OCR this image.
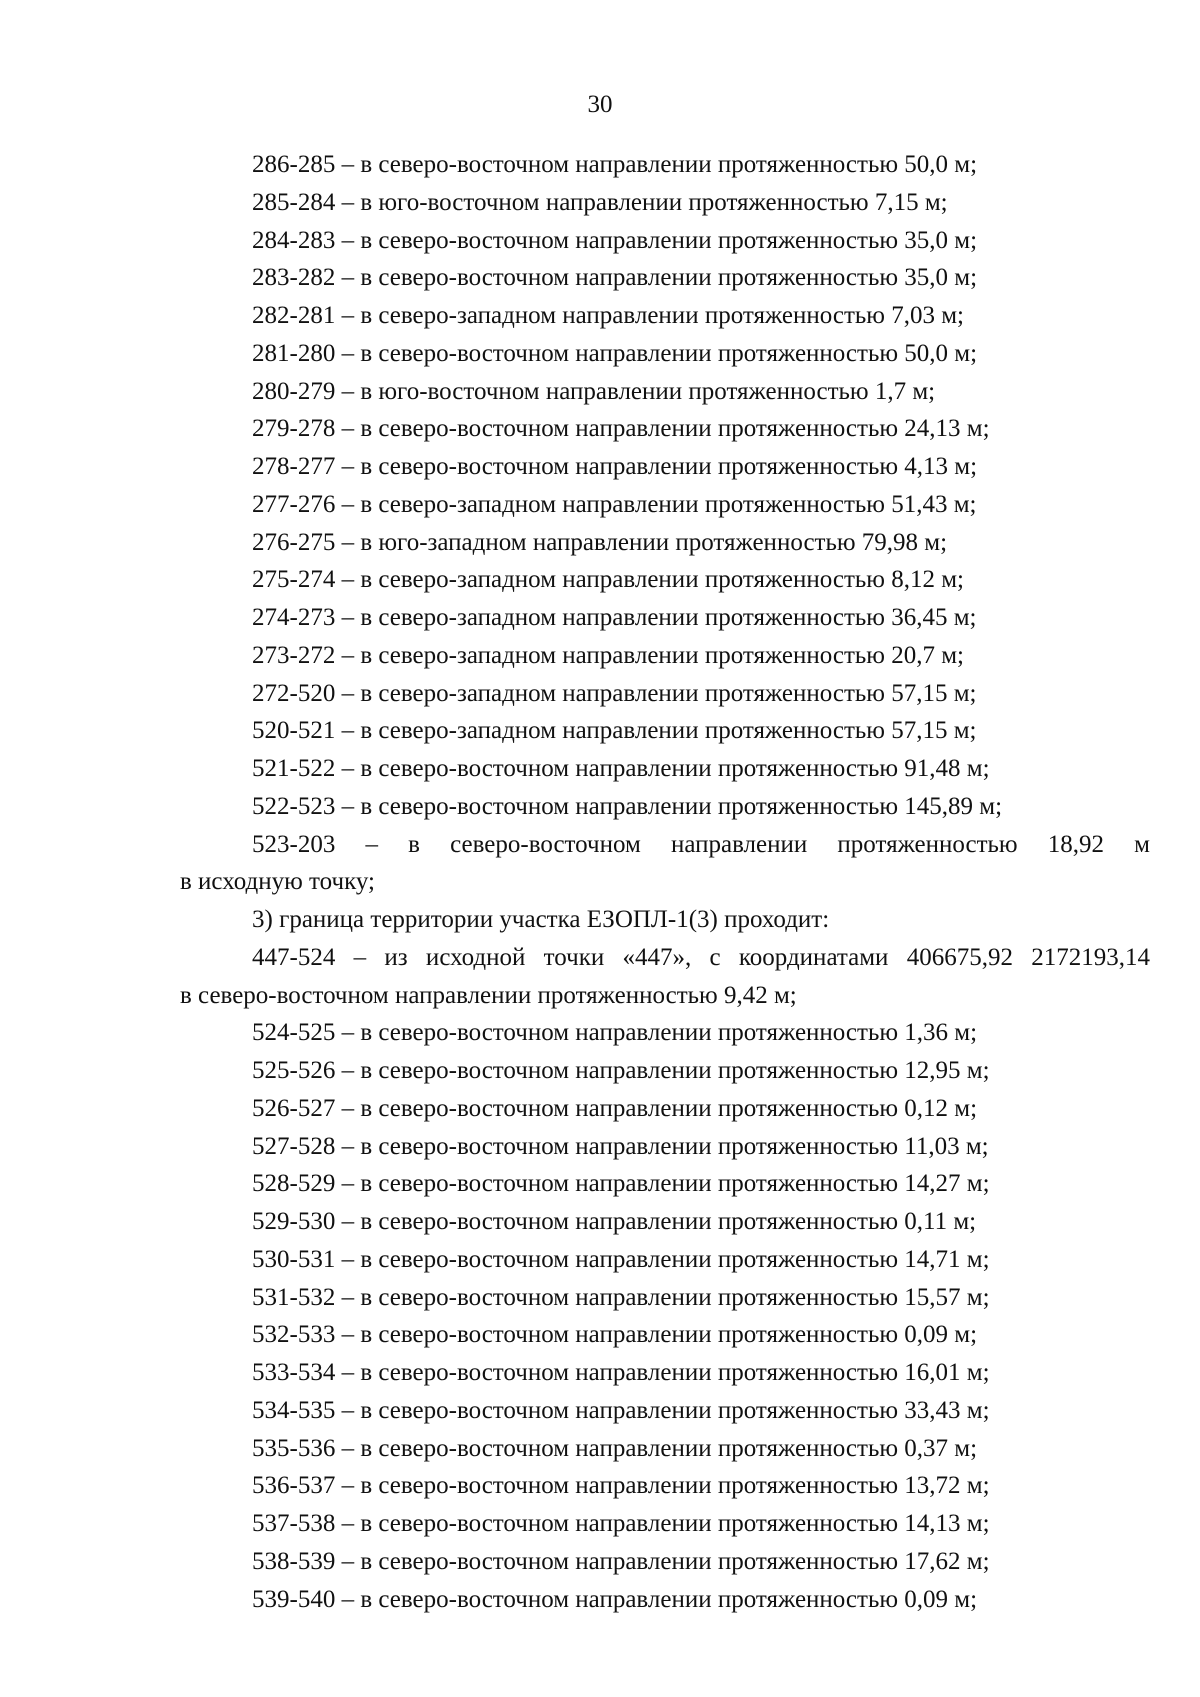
30
286-285 – в северо-восточном направлении протяженностью 50,0 м;
285-284 – в юго-восточном направлении протяженностью 7,15 м;
284-283 – в северо-восточном направлении протяженностью 35,0 м;
283-282 – в северо-восточном направлении протяженностью 35,0 м;
282-281 – в северо-западном направлении протяженностью 7,03 м;
281-280 – в северо-восточном направлении протяженностью 50,0 м;
280-279 – в юго-восточном направлении протяженностью 1,7 м;
279-278 – в северо-восточном направлении протяженностью 24,13 м;
278-277 – в северо-восточном направлении протяженностью 4,13 м;
277-276 – в северо-западном направлении протяженностью 51,43 м;
276-275 – в юго-западном направлении протяженностью 79,98 м;
275-274 – в северо-западном направлении протяженностью 8,12 м;
274-273 – в северо-западном направлении протяженностью 36,45 м;
273-272 – в северо-западном направлении протяженностью 20,7 м;
272-520 – в северо-западном направлении протяженностью 57,15 м;
520-521 – в северо-западном направлении протяженностью 57,15 м;
521-522 – в северо-восточном направлении протяженностью 91,48 м;
522-523 – в северо-восточном направлении протяженностью 145,89 м;
523-203 – в северо-восточном направлении протяженностью 18,92 м
в исходную точку;
3) граница территории участка ЕЗОПЛ-1(3) проходит:
447-524 – из исходной точки «447», с координатами 406675,92 2172193,14
в северо-восточном направлении протяженностью 9,42 м;
524-525 – в северо-восточном направлении протяженностью 1,36 м;
525-526 – в северо-восточном направлении протяженностью 12,95 м;
526-527 – в северо-восточном направлении протяженностью 0,12 м;
527-528 – в северо-восточном направлении протяженностью 11,03 м;
528-529 – в северо-восточном направлении протяженностью 14,27 м;
529-530 – в северо-восточном направлении протяженностью 0,11 м;
530-531 – в северо-восточном направлении протяженностью 14,71 м;
531-532 – в северо-восточном направлении протяженностью 15,57 м;
532-533 – в северо-восточном направлении протяженностью 0,09 м;
533-534 – в северо-восточном направлении протяженностью 16,01 м;
534-535 – в северо-восточном направлении протяженностью 33,43 м;
535-536 – в северо-восточном направлении протяженностью 0,37 м;
536-537 – в северо-восточном направлении протяженностью 13,72 м;
537-538 – в северо-восточном направлении протяженностью 14,13 м;
538-539 – в северо-восточном направлении протяженностью 17,62 м;
539-540 – в северо-восточном направлении протяженностью 0,09 м;
